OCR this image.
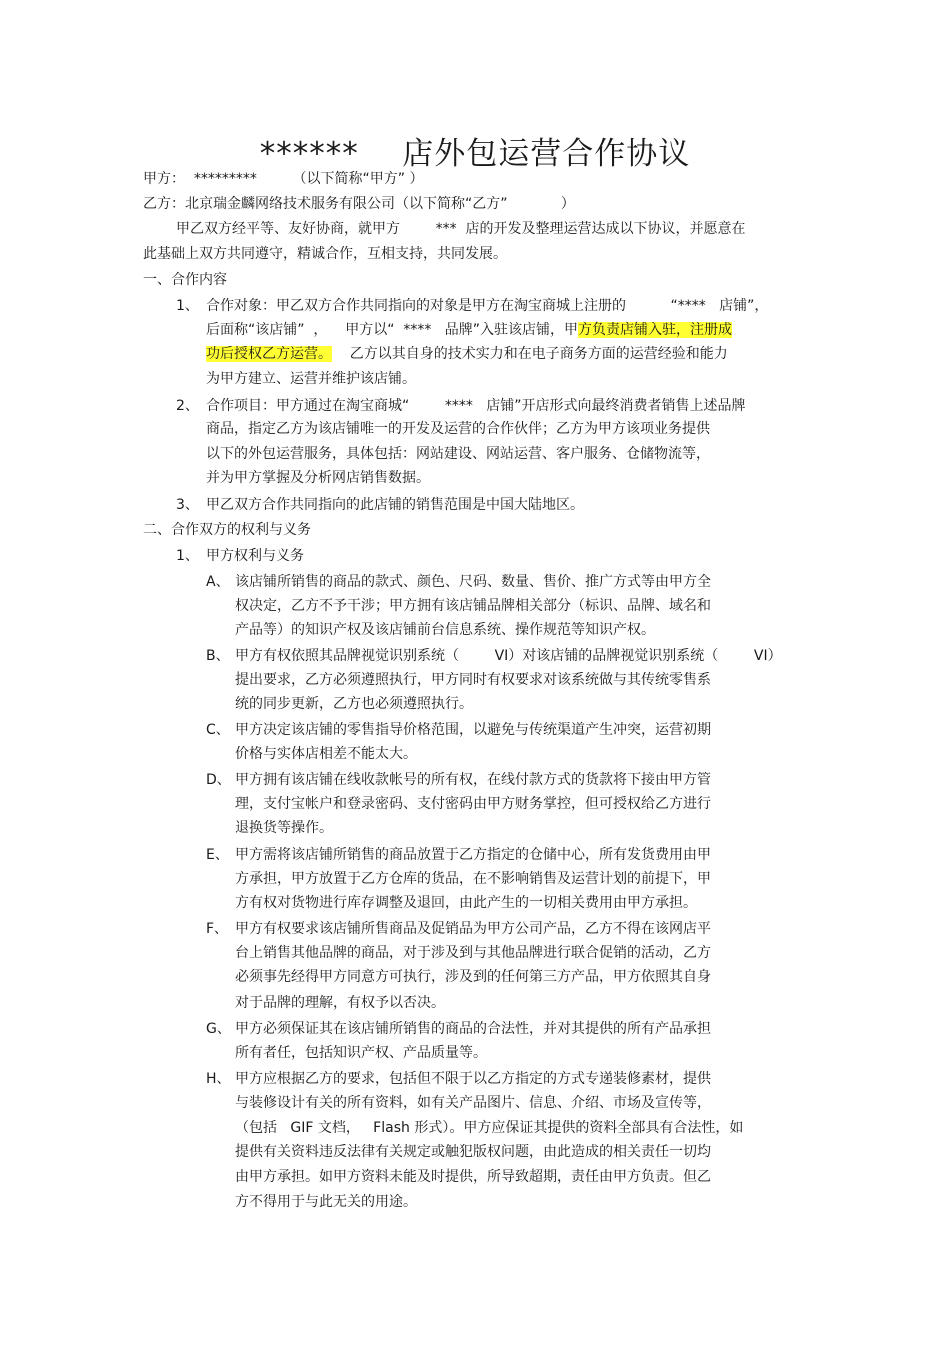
******    店外包运营合作协议
甲方：  *********        （以下简称“甲方” ）
乙方：北京瑞金麟网络技术服务有限公司（以下简称“乙方”            ）
甲乙双方经平等、友好协商，就甲方        ***  店的开发及整理运营达成以下协议，并愿意在
此基础上双方共同遵守，精诚合作，互相支持，共同发展。
一、合作内容
1、 合作对象：甲乙双方合作共同指向的对象是甲方在淘宝商城上注册的          “****   店铺”，
后面称“该店铺”  ，    甲方以“  ****   品牌”入驻该店铺，甲方负责店铺入驻，注册成
功后授权乙方运营。    乙方以其自身的技术实力和在电子商务方面的运营经验和能力
为甲方建立、运营并维护该店铺。
2、 合作项目：甲方通过在淘宝商城“        ****   店铺”开店形式向最终消费者销售上述品牌
商品，指定乙方为该店铺唯一的开发及运营的合作伙伴；乙方为甲方该项业务提供
以下的外包运营服务，具体包括：网站建设、网站运营、客户服务、仓储物流等，
并为甲方掌握及分析网店销售数据。
3、 甲乙双方合作共同指向的此店铺的销售范围是中国大陆地区。
二、合作双方的权利与义务
1、 甲方权利与义务
A、 该店铺所销售的商品的款式、颜色、尺码、数量、售价、推广方式等由甲方全
权决定，乙方不予干涉；甲方拥有该店铺品牌相关部分（标识、品牌、域名和
产品等）的知识产权及该店铺前台信息系统、操作规范等知识产权。
B、 甲方有权依照其品牌视觉识别系统（        VI）对该店铺的品牌视觉识别系统（        VI）
提出要求，乙方必须遵照执行，甲方同时有权要求对该系统做与其传统零售系
统的同步更新，乙方也必须遵照执行。
C、 甲方决定该店铺的零售指导价格范围，以避免与传统渠道产生冲突，运营初期
价格与实体店相差不能太大。
D、 甲方拥有该店铺在线收款帐号的所有权，在线付款方式的货款将下接由甲方管
理，支付宝帐户和登录密码、支付密码由甲方财务掌控，但可授权给乙方进行
退换货等操作。
E、 甲方需将该店铺所销售的商品放置于乙方指定的仓储中心，所有发货费用由甲
方承担，甲方放置于乙方仓库的货品，在不影响销售及运营计划的前提下，甲
方有权对货物进行库存调整及退回，由此产生的一切相关费用由甲方承担。
F、 甲方有权要求该店铺所售商品及促销品为甲方公司产品，乙方不得在该网店平
台上销售其他品牌的商品，对于涉及到与其他品牌进行联合促销的活动，乙方
必须事先经得甲方同意方可执行，涉及到的任何第三方产品，甲方依照其自身
对于品牌的理解，有权予以否决。
G、 甲方必须保证其在该店铺所销售的商品的合法性，并对其提供的所有产品承担
所有者任，包括知识产权、产品质量等。
H、 甲方应根据乙方的要求，包括但不限于以乙方指定的方式专递装修素材，提供
与装修设计有关的所有资料，如有关产品图片、信息、介绍、市场及宣传等，
（包括   GIF 文档，   Flash 形式）。甲方应保证其提供的资料全部具有合法性，如
提供有关资料违反法律有关规定或触犯版权问题，由此造成的相关责任一切均
由甲方承担。如甲方资料未能及时提供，所导致超期，责任由甲方负责。但乙
方不得用于与此无关的用途。
